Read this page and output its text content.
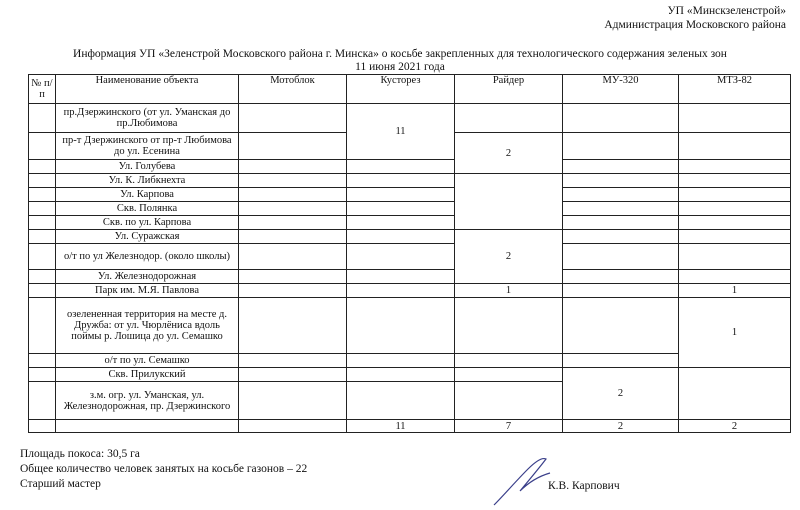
УП «Минскзеленстрой»
Администрация Московского района
Информация УП «Зеленстрой Московского района г. Минска» о косьбе закрепленных для технологического содержания зеленых зон
11 июня 2021 года
№ п/п	Наименование объекта	Мотоблок	Кусторез	Райдер	МУ-320	МТЗ-82
	пр.Дзержинского (от ул. Уманская до пр.Любимова		11			
	пр-т Дзержинского от пр-т Любимова до ул. Есенина			2		
	Ул. Голубева					
	Ул. К. Либкнехта					
	Ул. Карпова					
	Скв. Полянка					
	Скв. по ул. Карпова					
	Ул. Суражская			2		
	о/т по ул Железнодор. (около школы)					
	Ул. Железнодорожная					
	Парк им. М.Я. Павлова			1		1
	озелененная территория на месте д. Дружба: от ул. Чюрлёниса вдоль поймы р. Лошица до ул. Семашко					1
	о/т по ул. Семашко					
	Скв. Прилукский				2	
	з.м. огр. ул. Уманская, ул. Железнодорожная, пр. Дзержинского					
			11	7	2	2
Площадь покоса: 30,5 га
Общее количество человек занятых на косьбе газонов – 22
Старший мастер	К.В. Карпович
